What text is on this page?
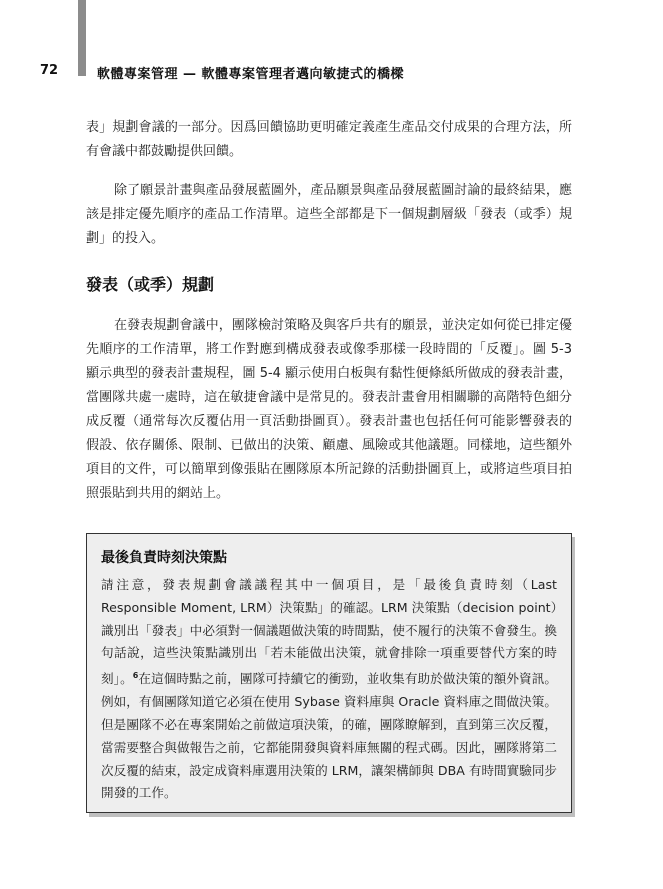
72	軟體專案管理 — 軟體專案管理者邁向敏捷式的橋樑

表」規劃會議的一部分。因爲回饋協助更明確定義產生產品交付成果的合理方法，所有會議中都鼓勵提供回饋。

除了願景計畫與產品發展藍圖外，產品願景與產品發展藍圖討論的最終結果，應該是排定優先順序的產品工作清單。這些全部都是下一個規劃層級「發表（或季）規劃」的投入。

發表（或季）規劃

在發表規劃會議中，團隊檢討策略及與客戶共有的願景，並決定如何從已排定優先順序的工作清單，將工作對應到構成發表或像季那樣一段時間的「反覆」。圖 5-3 顯示典型的發表計畫規程，圖 5-4 顯示使用白板與有黏性便條紙所做成的發表計畫，當團隊共處一處時，這在敏捷會議中是常見的。發表計畫會用相關聯的高階特色細分成反覆（通常每次反覆佔用一頁活動掛圖頁）。發表計畫也包括任何可能影響發表的假設、依存關係、限制、已做出的決策、顧慮、風險或其他議題。同樣地，這些額外項目的文件，可以簡單到像張貼在團隊原本所記錄的活動掛圖頁上，或將這些項目拍照張貼到共用的網站上。

最後負責時刻決策點

請注意，發表規劃會議議程其中一個項目，是「最後負責時刻（Last Responsible Moment, LRM）決策點」的確認。LRM 決策點（decision point）識別出「發表」中必須對一個議題做決策的時間點，使不履行的決策不會發生。換句話說，這些決策點識別出「若未能做出決策，就會排除一項重要替代方案的時刻」。$^6$在這個時點之前，團隊可持續它的衝勁，並收集有助於做決策的額外資訊。例如，有個團隊知道它必須在使用 Sybase 資料庫與 Oracle 資料庫之間做決策。但是團隊不必在專案開始之前做這項決策，的確，團隊瞭解到，直到第三次反覆，當需要整合與做報告之前，它都能開發與資料庫無關的程式碼。因此，團隊將第二次反覆的結束，設定成資料庫選用決策的 LRM，讓架構師與 DBA 有時間實驗同步開發的工作。
